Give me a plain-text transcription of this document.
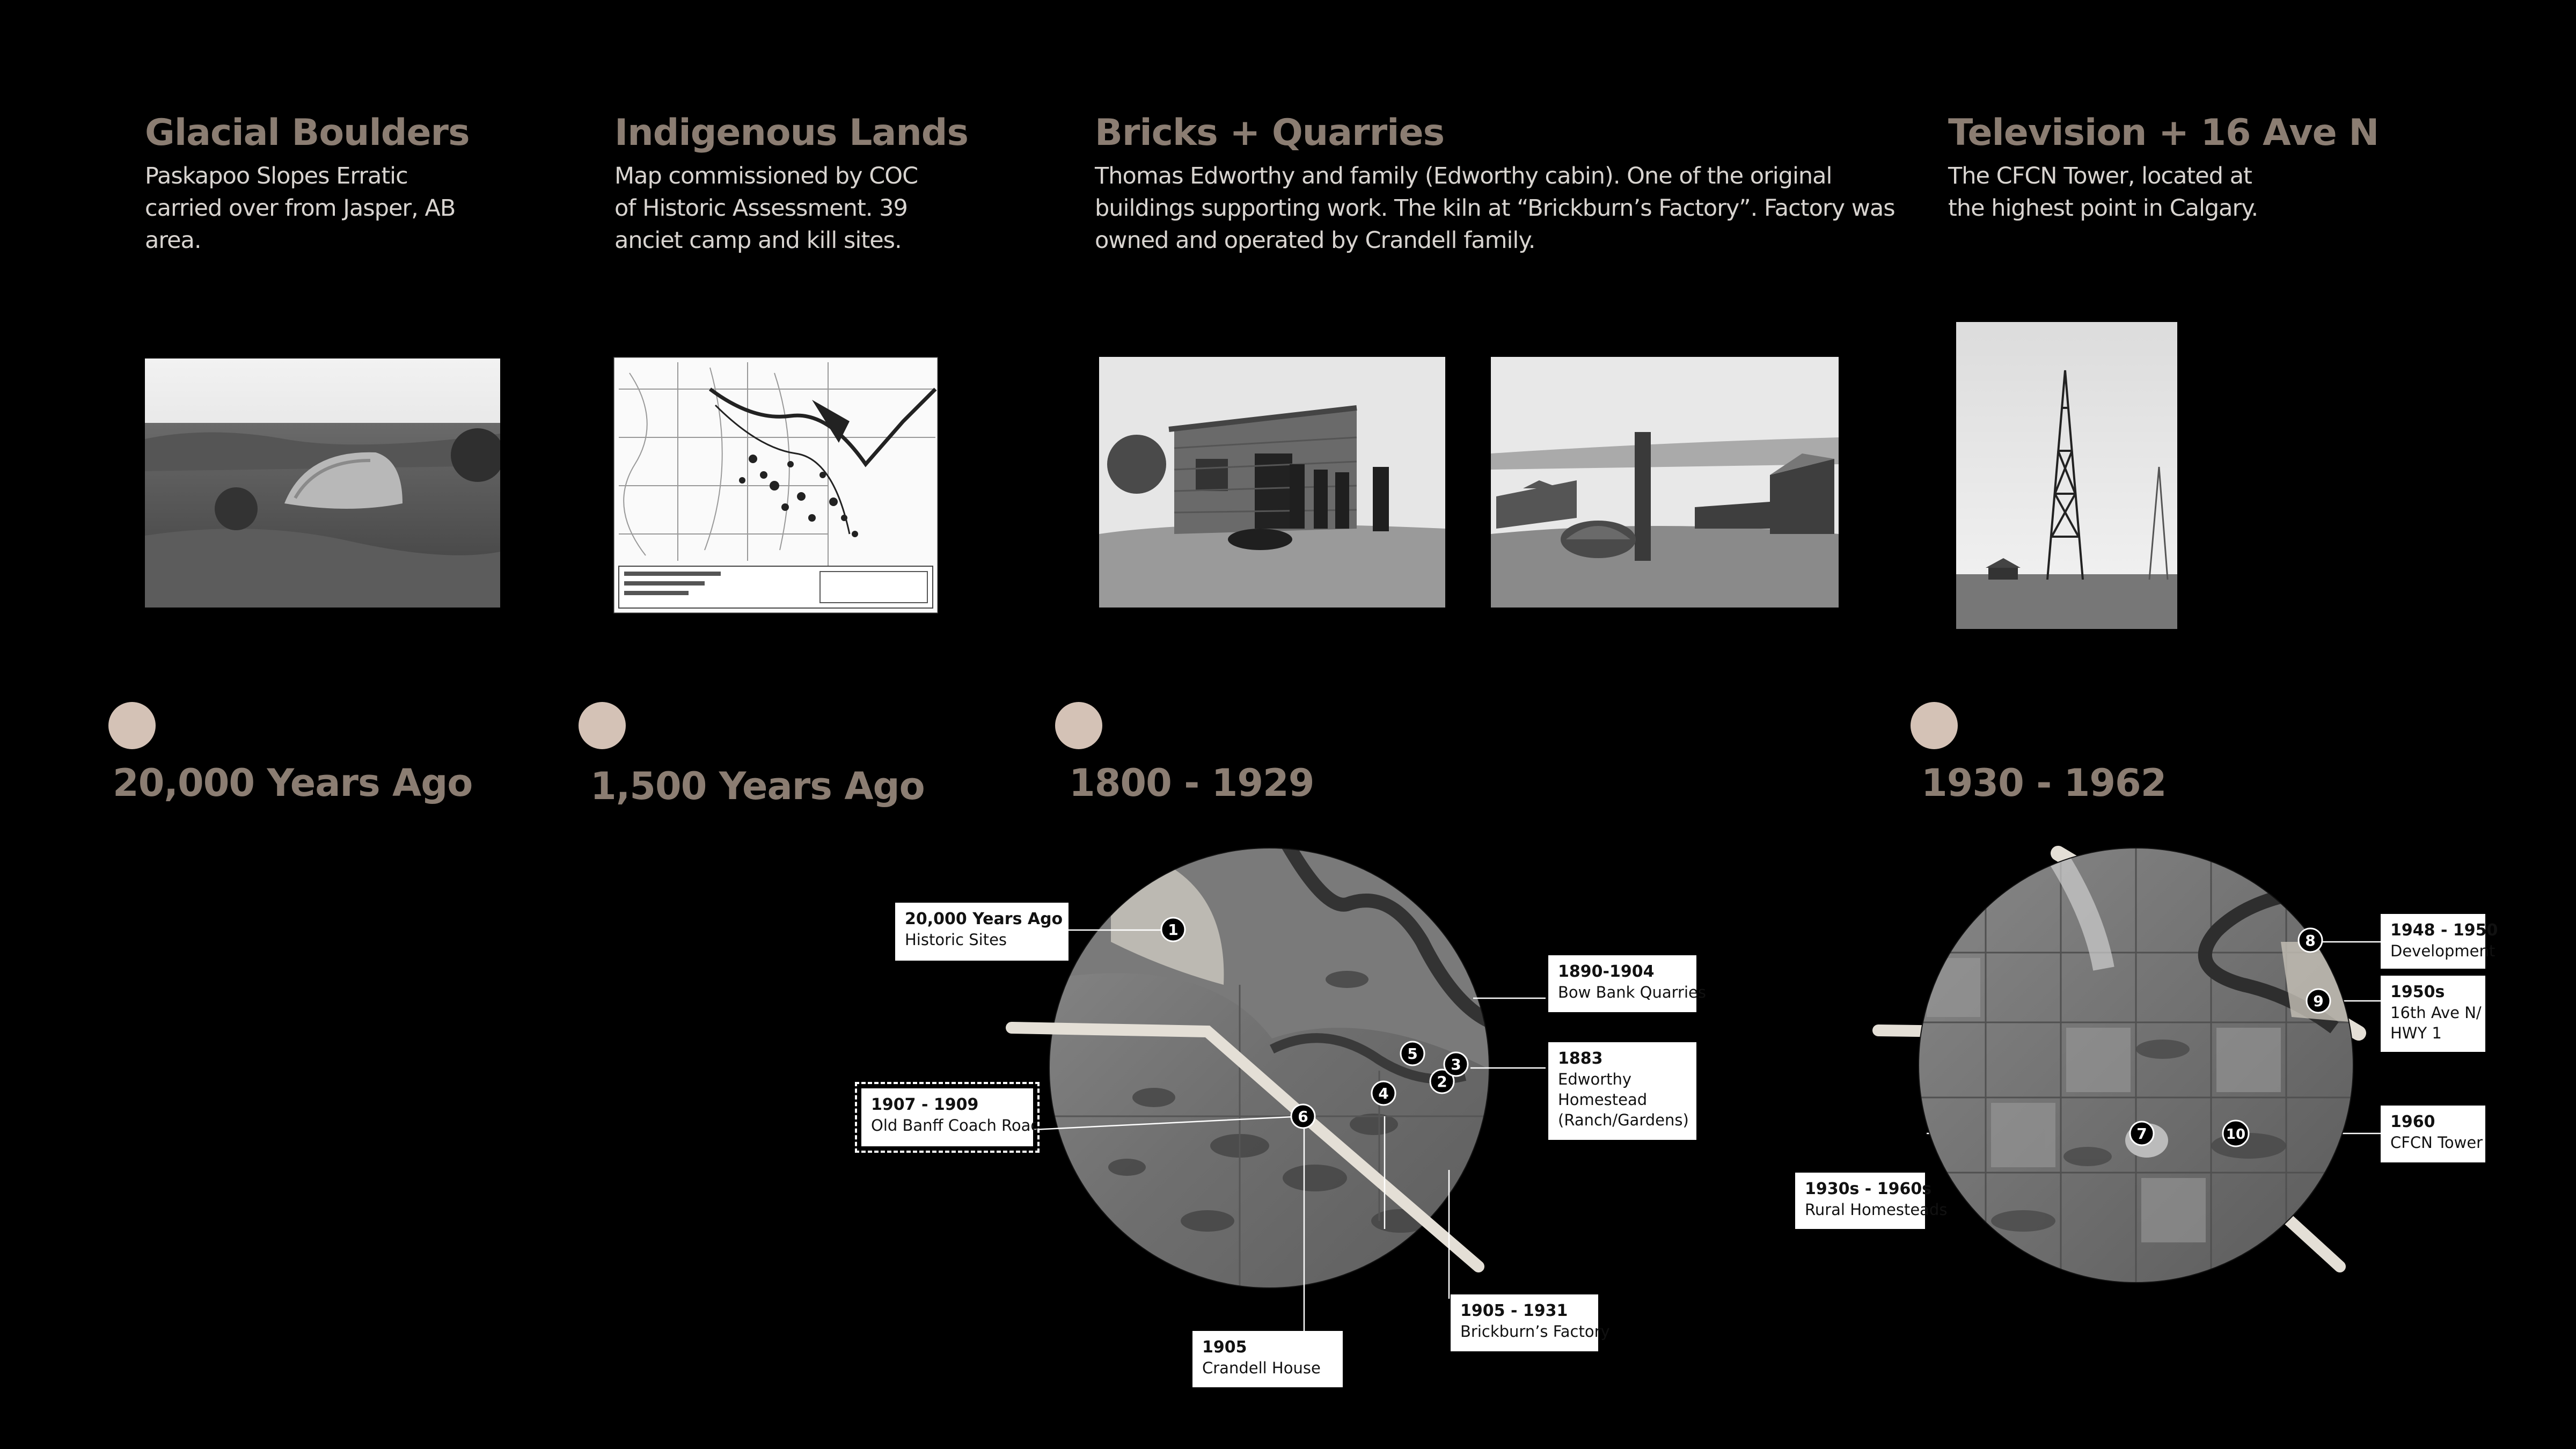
Glacial Boulders
Paskapoo Slopes Erratic
carried over from Jasper, AB
area.
20,000 Years Ago
Indigenous Lands
Map commissioned by COC
of Historic Assessment. 39
anciet camp and kill sites.
1,500 Years Ago
Bricks + Quarries
Thomas Edworthy and family (Edworthy cabin). One of the original
buildings supporting work. The kiln at “Brickburn’s Factory”. Factory was
owned and operated by Crandell family.
1800 - 1929
Television + 16 Ave N
The CFCN Tower, located at
the highest point in Calgary.
1930 - 1962
1
2
3
4
5
6
20,000 Years Ago
Historic Sites
1907 - 1909
Old Banff Coach Road
1890-1904
Bow Bank Quarries
1883
Edworthy
Homestead
(Ranch/Gardens)
1905 - 1931
Brickburn’s Factory
1905
Crandell House
7
8
9
10
1948 - 1950
Development
1950s
16th Ave N/
HWY 1
1960
CFCN Tower
1930s - 1960s
Rural Homesteads
